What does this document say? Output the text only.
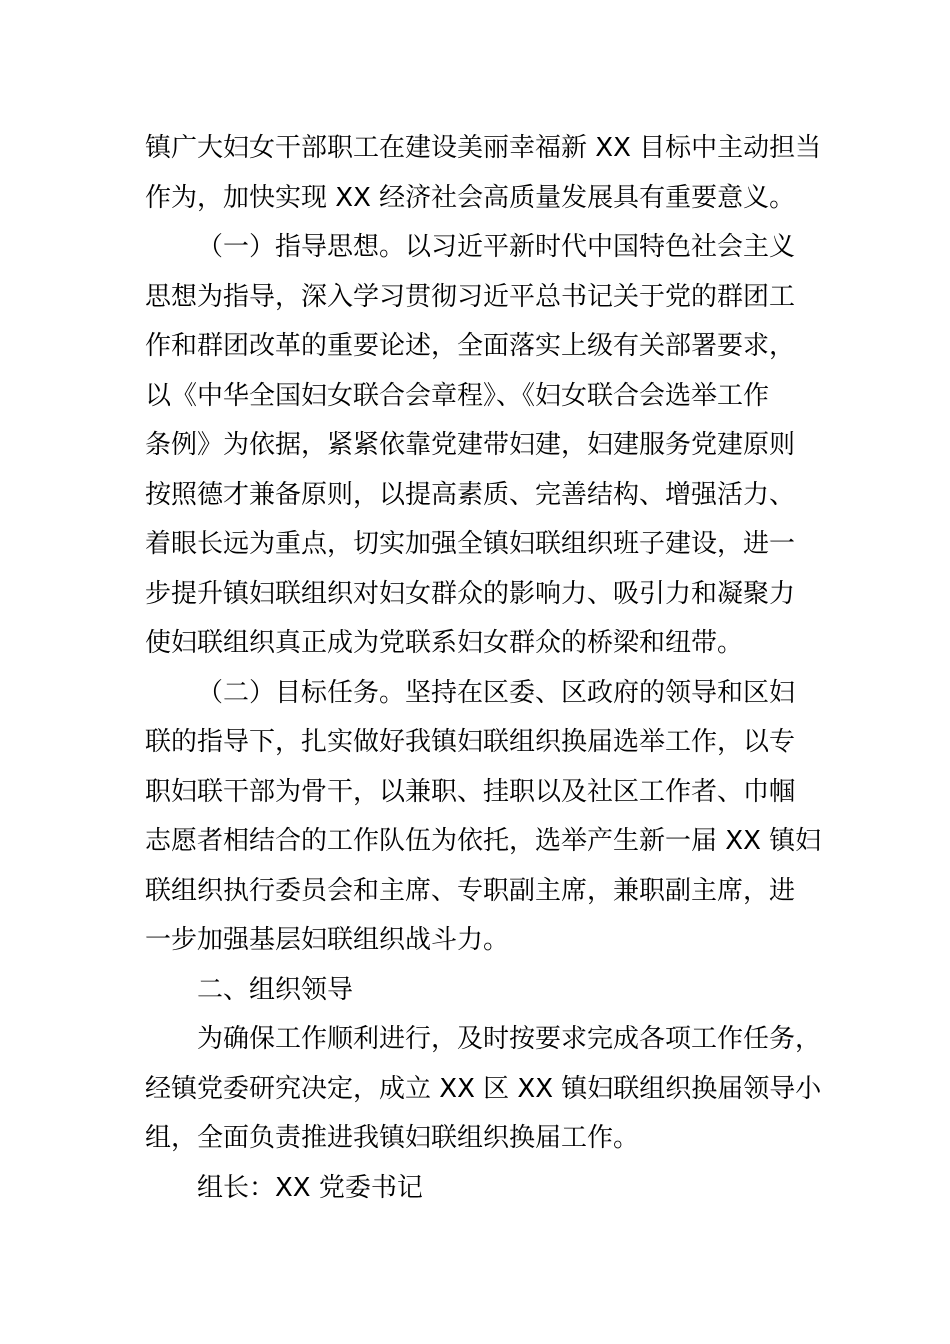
镇广大妇女干部职工在建设美丽幸福新 XX 目标中主动担当
作为，加快实现 XX 经济社会高质量发展具有重要意义。
（一）指导思想。以习近平新时代中国特色社会主义
思想为指导，深入学习贯彻习近平总书记关于党的群团工
作和群团改革的重要论述，全面落实上级有关部署要求，
以《中华全国妇女联合会章程》、《妇女联合会选举工作
条例》为依据，紧紧依靠党建带妇建，妇建服务党建原则
按照德才兼备原则，以提高素质、完善结构、增强活力、
着眼长远为重点，切实加强全镇妇联组织班子建设，进一
步提升镇妇联组织对妇女群众的影响力、吸引力和凝聚力
使妇联组织真正成为党联系妇女群众的桥梁和纽带。
（二）目标任务。坚持在区委、区政府的领导和区妇
联的指导下，扎实做好我镇妇联组织换届选举工作，以专
职妇联干部为骨干，以兼职、挂职以及社区工作者、巾帼
志愿者相结合的工作队伍为依托，选举产生新一届 XX 镇妇
联组织执行委员会和主席、专职副主席，兼职副主席，进
一步加强基层妇联组织战斗力。
二、组织领导
为确保工作顺利进行，及时按要求完成各项工作任务，
经镇党委研究决定，成立 XX 区 XX 镇妇联组织换届领导小
组，全面负责推进我镇妇联组织换届工作。
组长：XX 党委书记
